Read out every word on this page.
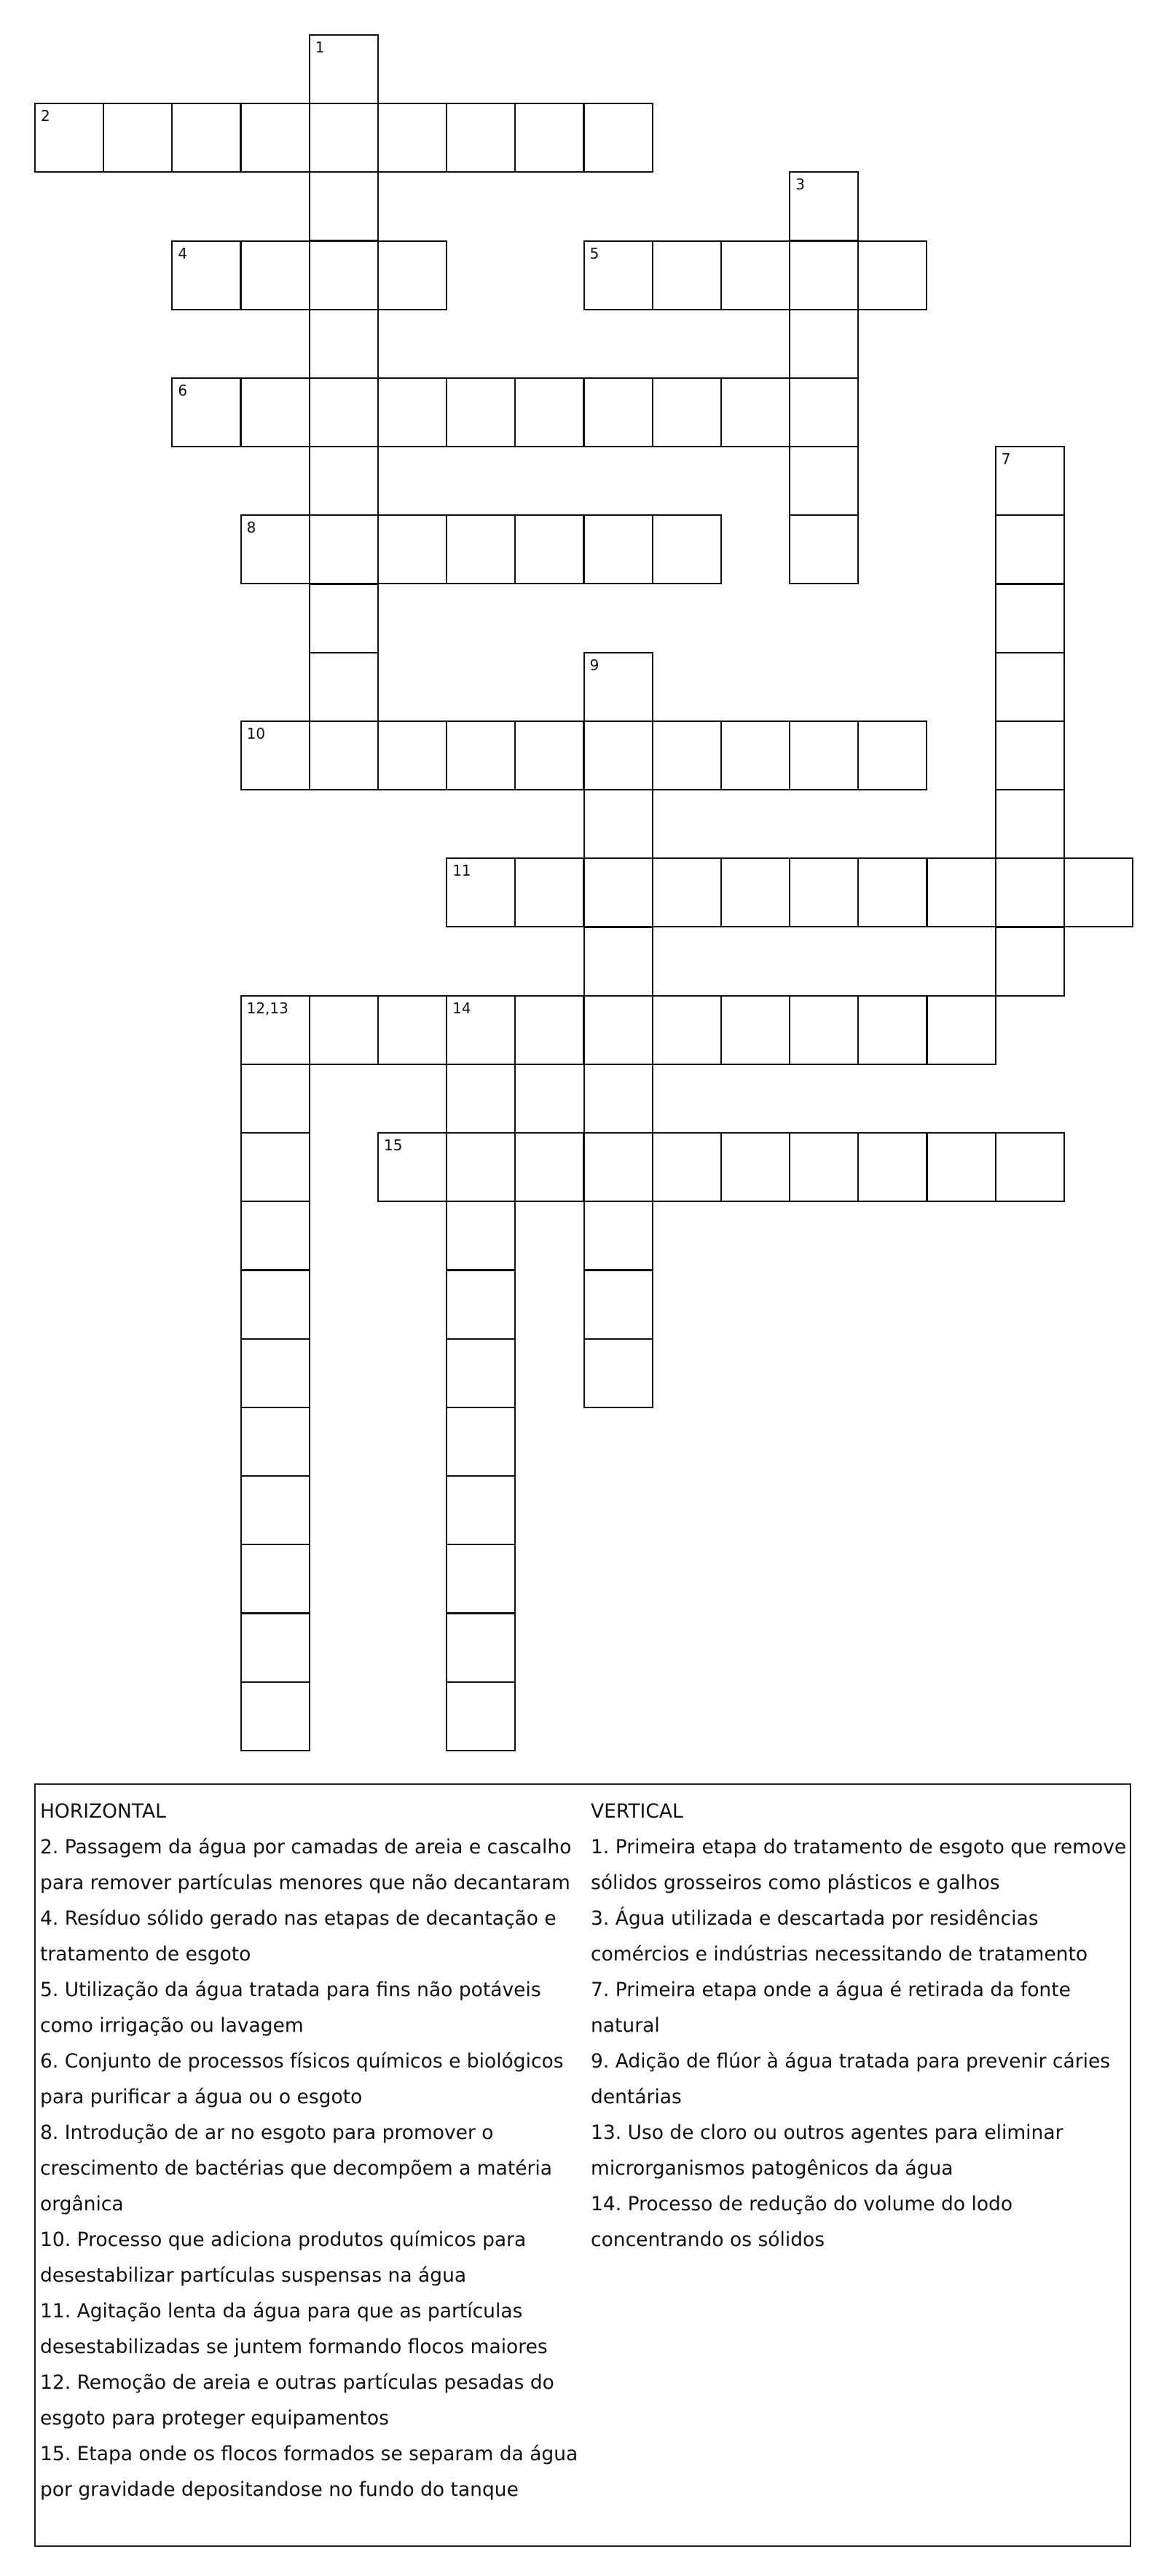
1
2
3
4	5
6
7
8
9
10
11
12,13	14
15
HORIZONTAL
2. Passagem da água por camadas de areia e cascalho
para remover partículas menores que não decantaram
4. Resíduo sólido gerado nas etapas de decantação e
tratamento de esgoto
5. Utilização da água tratada para fins não potáveis
como irrigação ou lavagem
6. Conjunto de processos físicos químicos e biológicos
para purificar a água ou o esgoto
8. Introdução de ar no esgoto para promover o
crescimento de bactérias que decompõem a matéria
orgânica
10. Processo que adiciona produtos químicos para
desestabilizar partículas suspensas na água
11. Agitação lenta da água para que as partículas
desestabilizadas se juntem formando flocos maiores
12. Remoção de areia e outras partículas pesadas do
esgoto para proteger equipamentos
15. Etapa onde os flocos formados se separam da água
por gravidade depositandose no fundo do tanque
VERTICAL
1. Primeira etapa do tratamento de esgoto que remove
sólidos grosseiros como plásticos e galhos
3. Água utilizada e descartada por residências
comércios e indústrias necessitando de tratamento
7. Primeira etapa onde a água é retirada da fonte
natural
9. Adição de flúor à água tratada para prevenir cáries
dentárias
13. Uso de cloro ou outros agentes para eliminar
microrganismos patogênicos da água
14. Processo de redução do volume do lodo
concentrando os sólidos
